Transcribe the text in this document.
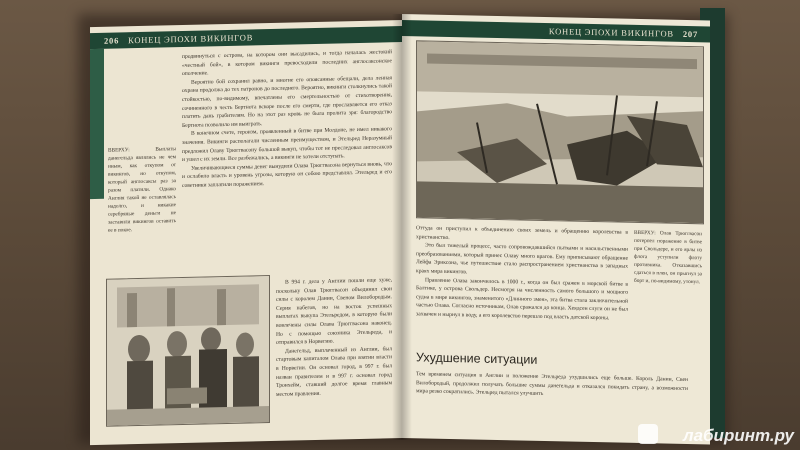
206 КОНЕЦ ЭПОХИ ВИКИНГОВ

продвинуться с острова, на котором они высадились, и тогда началась жестокий «честный бой», в котором викинги превосходили последних англосаксонское ополчение.

Вероятно бой сохранил равно, и многие его опоясанные обещали, дела ленная охрана продолжа до тех патронов до последнего. Вероятно, викинги столкнулись такой стойкостью, по-видимому, впечатлены его смертельностью от стихотворения, сочиненного в честь Бертнота вскоре после его смерти, где прославляется его отказ платить дань грабителям. Но на этот раз кровь не была пролита зря: благородство Бертнота позволило им выиграть.

В конечном счете, героизм, проявленный в битве при Молдоне, не имел никакого значения. Викинги располагали численным преимуществом, и Этельред Неразумный предложил Олаву Трюггвасону большой выкуп, чтобы тот не преследовал англосаксов и ушел с их земли. Все разбежались, а викинги не хотели отступать.

Увеличивающиеся суммы денег вынудили Олава Трюггвасона вернуться вновь, что и ослабило власть и уровень угрозы, которую он собою представлял. Этельред и его советники заплатили поражением.

ВВЕРХУ: Выплаты данегельда являлись не чем иным, как откупом от викингов, но откупом, который англосаксы раз за разом платили. Однако Англия такой не оставлялась надолго, и никакие серебряные деньги не заставили викингов оставить ее в покое.

В 994 г. дела у Англии пошли еще хуже, поскольку Олав Трюггвасон объединил свои силы с королем Дании, Свеном Вилобородым. Серия набегов, но на восток успешных выплатах выкупа Этельредом, в которую были вовлечены силы Олава Трюггвасона наконец. Но с помощью союзника Этельреда, и отправился в Норвегию.

Данегельд, выплаченный из Англии, был стартовым капиталом Олава при взятии власти в Норвегии. Он основал город, в 997 г. был назван правителем и в 997 г. основал город Тронхейм, ставший долгое время главным местом правления.

КОНЕЦ ЭПОХИ ВИКИНГОВ 207

Оттуда он приступил к объединению своих земель и обращению королевства в христианство.

Это был тяжелый процесс, часто сопровождавшийся пытками и насильственными преобразованиями, который принес Олаву много врагов. Ему приписывают обращение Лейфа Эриксона, чье путешествие стало распространением христианства в западных краях мира викингов.

Правление Олава закончилось в 1000 г., когда он был сражен в морской битве в Балтике, у острова Свольдер. Несмотря на численность самого большого и мощного судна в мире викингов, знаменитого «Длинного змея», эта битва стала заключительной частью Олава. Согласно источникам, Олав сражался до конца. Хеядсен слуги он не был захвачен и нырнул в воду, а его королевство перешло под власть датской короны.

ВВЕРХУ: Олав Трюггвасон потерпел поражение в битве при Свольдере, и его ярлы из флота уступили флоту противника. Отказавшись сдаться в плен, он прыгнул за борт и, по-видимому, утонул.
Ухудшение ситуации

Тем временем ситуация в Англии и положение Этельреда ухудшились еще больше. Король Дании, Свен Вилобородый, продолжил получать большие суммы данегельда и отказался покидать страну, а возможности мира резко сократились. Этельред пытался улучшить

лабиринт.ру
